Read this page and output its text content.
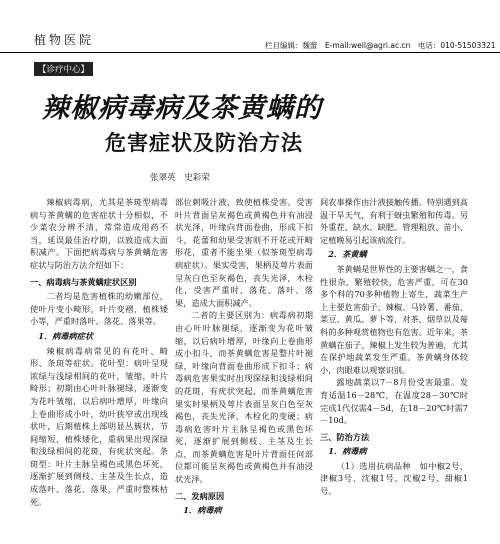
植物医院	栏目编辑：魏蕾　E-mail:weil@agri.ac.cn　电话：010-51503321
【诊疗中心】
辣椒病毒病及茶黄螨的
危害症状及防治方法
张翠英 史彩荣

辣椒病毒病，尤其是茶斑型病毒病与茶黄螨的危害症状十分相似，不少菜农分辨不清，常常造成用药不当，延误最佳治疗期，以致造成大面积减产。下面把病毒病与茶黄螨危害症状与防治方法介绍如下：

一、病毒病与茶黄螨症状区别

二者均是危害植株的幼嫩部位，使叶片变小畸形，叶片变褶，植株矮小等，严重时落叶、落花、落果等。

1．病毒病症状

辣椒病毒病常见的有花叶、畸形、条斑等症状。花叶型：病叶呈现浓绿与浅绿相间的花叶，皱缩，叶片畸形；初期由心叶叶脉褪绿，逐渐变为花叶皱缩，以后病叶增厚，叶缘向上卷曲形成小叶，幼叶狭窄或出现线状叶，后期植株上部明显丛簇状，节间缩短，植株矮化，重病果出现深绿和浅绿相间的花斑，有疣状突起。条斑型：叶片主脉呈褐色或黑色坏死，逐渐扩展到侧枝、主茎及生长点，造成落叶、落花、落果，严重时整株枯死。

部位刺吸汁液，致使植株受害。受害叶片背面呈灰褐色或黄褐色并有油浸状光泽，叶缘向背面卷曲，形成下扣斗，花蕾和幼果受害则不开花或开畸形花，重者不能坐果（似茶斑型病毒病症状）。果实受害，果柄及萼片表面呈灰白色至灰褐色，丧失光泽，木栓化，受害严重时，落花、落叶、落果，造成大面积减产。

二者的主要区别为：病毒病初期由心叶叶脉褪绿，逐渐变为花叶皱缩，以后病叶增厚，叶缘向上卷曲形成小扣斗，而茶黄螨危害是整片叶褪绿，叶缘向背面卷曲形成下扣斗；病毒病危害果实时出现深绿和浅绿相间的花斑，有疣状突起，而茶黄螨危害果实时果柄及萼片表面呈灰白色至灰褐色，丧失光泽，木栓化的变硬；病毒病危害叶片主脉呈褐色或黑色坏死，逐渐扩展到侧枝、主茎及生长点，而茶黄螨危害是叶片背面任何部位都可能呈灰褐色或黄褐色并有油浸状光泽。

二、发病原因

1．病毒病

间农事操作由汁液接触传播。特别遇到高温干旱天气，有利于蚜虫繁殖和传毒。另外重茬、缺水、缺肥、管理粗放、苗小、定植晚易引起该病流行。

2．茶黄螨

茶黄螨是世界性的主要害螨之一，食性很杂，繁殖较快，危害严重，可在30多个科的70多种植物上寄生，蔬菜生产上主要危害茄子、辣椒、马铃薯、番茄、菜豆、黄瓜、萝卜等，对茶、烟草以及莓科的多种观赏植物也有危害。近年来，茶黄螨在茄子、辣椒上发生较为普遍，尤其在保护地蔬菜发生严重。茶黄螨身体较小，肉眼难以观察识别。

露地蔬菜以7－8月份受害最重。发育适温16－28℃，在温度28－30℃时完成1代仅需4－5d，在18－20℃时需7－10d。

三、防治方法

1．病毒病

（1）选用抗病品种　如中椒2号、津椒3号、沈椒1号、沈椒2号、甜椒1号。
